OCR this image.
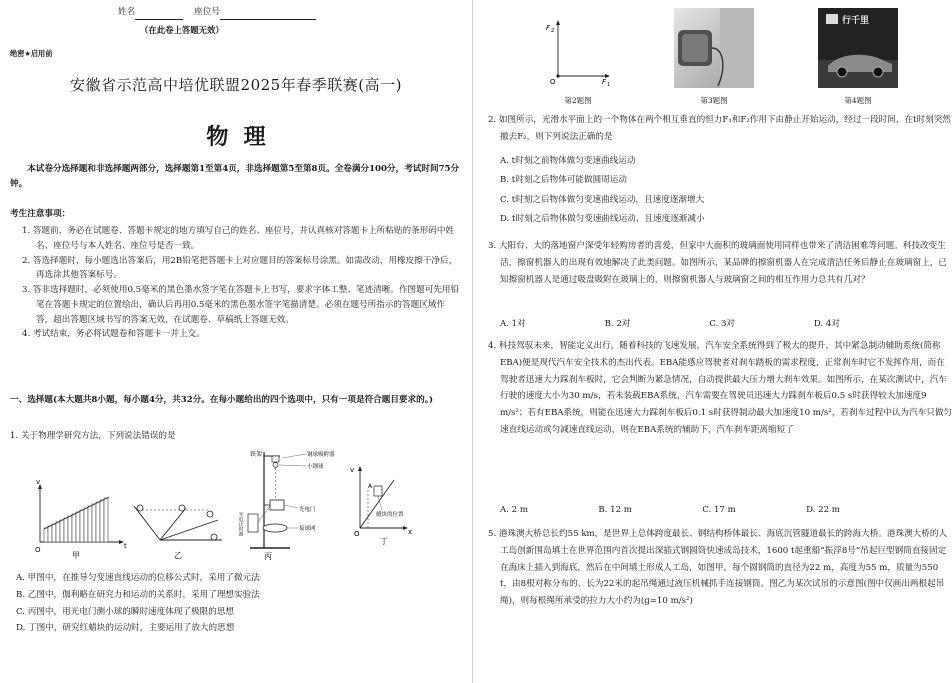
姓名	座位号
（在此卷上答题无效）
绝密★启用前
安徽省示范高中培优联盟2025年春季联赛(高一)
物  理
本试卷分选择题和非选择题两部分，选择题第1至第4页，非选择题第5至第8页。全卷满分100分，考试时间75分钟。
考生注意事项：
1. 答题前，务必在试题卷、答题卡规定的地方填写自己的姓名、座位号，并认真核对答题卡上所粘贴的条形码中姓名、座位号与本人姓名、座位号是否一致。
2. 答选择题时，每小题选出答案后，用2B铅笔把答题卡上对应题目的答案标号涂黑。如需改动，用橡皮擦干净后，再选涂其他答案标号。
3. 答非选择题时，必须使用0.5毫米的黑色墨水签字笔在答题卡上书写，要求字体工整、笔迹清晰。作图题可先用铅笔在答题卡规定的位置绘出，确认后再用0.5毫米的黑色墨水签字笔描清楚。必须在题号所指示的答题区域作答，超出答题区域书写的答案无效，在试题卷、草稿纸上答题无效。
4. 考试结束，务必将试题卷和答题卡一并上交。
一、选择题(本大题共8小题，每小题4分，共32分。在每小题给出的四个选项中，只有一项是符合题目要求的。)
1. 关于物理学研究方法，下列说法错误的是
v
t
O
甲	乙
铁架	钢球吸附器
小钢球
光电门
接球网
光电计时器
丙
v
x
O
A
蜡块的位置
丁
A. 甲图中，在推导匀变速直线运动的位移公式时，采用了微元法
B. 乙图中，伽利略在研究力和运动的关系时，采用了理想实验法
C. 丙图中，用光电门测小球的瞬时速度体现了极限的思想
D. 丁图中，研究红蜡块的运动时，主要运用了放大的思想
F 2
F 1
O
行千里
第2题图	第3题图	第4题图
2. 如图所示，光滑水平面上的一个物体在两个相互垂直的恒力F₁和F₂作用下由静止开始运动，经过一段时间，在t时刻突然撤去F₂，则下列说法正确的是
A. t时刻之前物体做匀变速曲线运动
B. t时刻之后物体可能做圆周运动
C. t时刻之后物体做匀变速曲线运动，且速度逐渐增大
D. t时刻之后物体做匀变速曲线运动，且速度逐渐减小
3. 大阳台、大的落地窗户深受年轻购房者的喜爱，但家中大面积的玻璃面使用同样也带来了清洁困难等问题。科技改变生活，擦窗机器人的出现有效地解决了此类问题。如图所示，某品牌的擦窗机器人在完成清洁任务后静止在玻璃窗上，已知擦窗机器人是通过吸盘吸附在玻璃上的，则擦窗机器人与玻璃窗之间的相互作用力总共有几对？
A. 1对	B. 2对	C. 3对	D. 4对
4. 科技驾驭未来，智能定义出行，随着科技的飞速发展，汽车安全系统得到了极大的提升，其中紧急制动辅助系统(简称EBA)便是现代汽车安全技术的杰出代表。EBA能感应驾驶者对刹车踏板的需求程度，正常刹车时它不发挥作用，而在驾驶者迅速大力踩刹车板时，它会判断为紧急情况，自动提供最大压力增大刹车效果。如图所示，在某次测试中，汽车行驶的速度大小为30 m/s，若未装载EBA系统，汽车需要在驾驶员迅速大力踩刹车板后0.5 s时获得较大加速度9 m/s²；若有EBA系统，则能在迅速大力踩刹车板后0.1 s时获得制动最大加速度10 m/s²，若刹车过程中认为汽车只做匀速直线运动或匀减速直线运动，则在EBA系统的辅助下，汽车刹车距离缩短了
A. 2 m	B. 12 m	C. 17 m	D. 22 m
5. 港珠澳大桥总长约55 km，是世界上总体跨度最长、钢结构桥体最长、海底沉管隧道最长的跨海大桥。港珠澳大桥的人工岛创新围岛填土在世界范围内首次提出深插式钢圆筒快速成岛技术，1600 t起重船“振浮8号”吊起巨型钢筒直接固定在海床上插入到海底，然后在中间填土形成人工岛，如图甲，每个圆钢筒的直径为22 m，高度为55 m，质量为550 t，由8根对称分布的、长为22米的起吊绳通过液压机械抓手连接钢筒。图乙为某次试吊的示意图(图中仅画出两根起吊绳)，则每根绳所承受的拉力大小约为(g=10 m/s²)
